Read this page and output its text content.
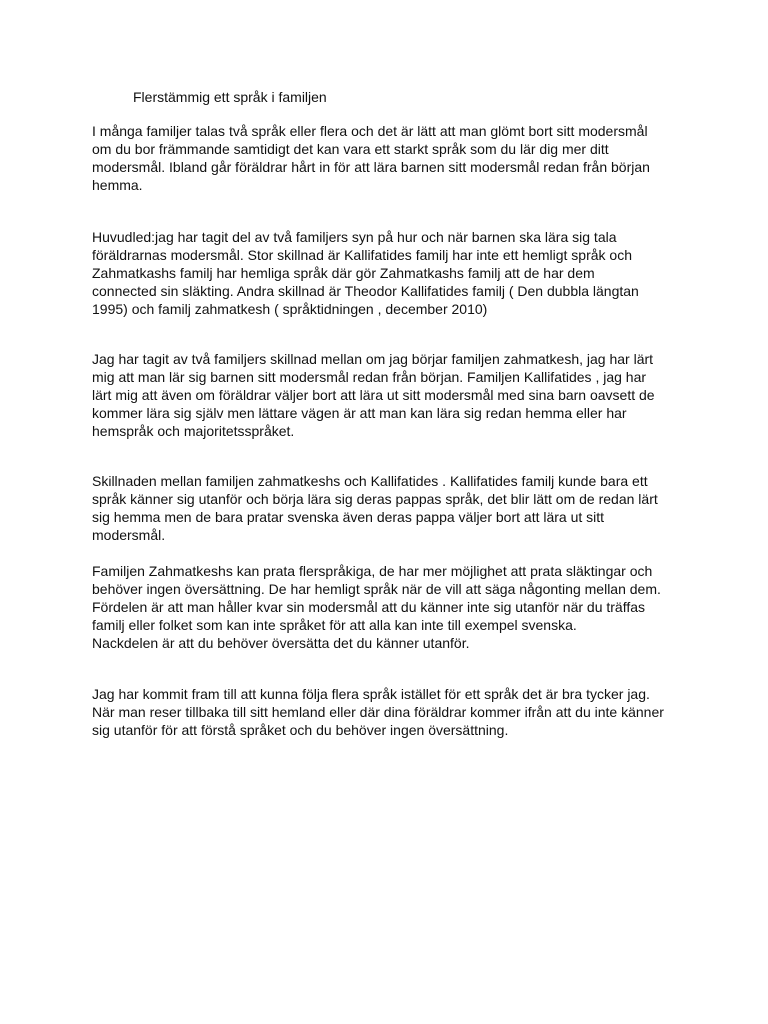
Flerstämmig ett språk i familjen

I många familjer talas två språk eller flera och det är lätt att man glömt bort sitt modersmål
om du bor främmande samtidigt det kan vara ett starkt språk som du lär dig mer ditt
modersmål. Ibland går föräldrar hårt in för att lära barnen sitt modersmål redan från början
hemma.

Huvudled:jag har tagit del av två familjers syn på hur och när barnen ska lära sig tala
föräldrarnas modersmål. Stor skillnad är Kallifatides familj har inte ett hemligt språk och
Zahmatkashs familj har hemliga språk där gör Zahmatkashs familj att de har dem
connected sin släkting. Andra skillnad är Theodor Kallifatides familj ( Den dubbla längtan
1995) och familj zahmatkesh ( språktidningen , december 2010)

Jag har tagit av två familjers skillnad mellan om jag börjar familjen zahmatkesh, jag har lärt
mig att man lär sig barnen sitt modersmål redan från början. Familjen Kallifatides , jag har
lärt mig att även om föräldrar väljer bort att lära ut sitt modersmål med sina barn oavsett de
kommer lära sig själv men lättare vägen är att man kan lära sig redan hemma eller har
hemspråk och majoritetsspråket.

Skillnaden mellan familjen zahmatkeshs och Kallifatides . Kallifatides familj kunde bara ett
språk känner sig utanför och börja lära sig deras pappas språk, det blir lätt om de redan lärt
sig hemma men de bara pratar svenska även deras pappa väljer bort att lära ut sitt
modersmål.

Familjen Zahmatkeshs kan prata flerspråkiga, de har mer möjlighet att prata släktingar och
behöver ingen översättning. De har hemligt språk när de vill att säga någonting mellan dem.
Fördelen är att man håller kvar sin modersmål att du känner inte sig utanför när du träffas
familj eller folket som kan inte språket för att alla kan inte till exempel svenska.
Nackdelen är att du behöver översätta det du känner utanför.

Jag har kommit fram till att kunna följa flera språk istället för ett språk det är bra tycker jag.
När man reser tillbaka till sitt hemland eller där dina föräldrar kommer ifrån att du inte känner
sig utanför för att förstå språket och du behöver ingen översättning.
